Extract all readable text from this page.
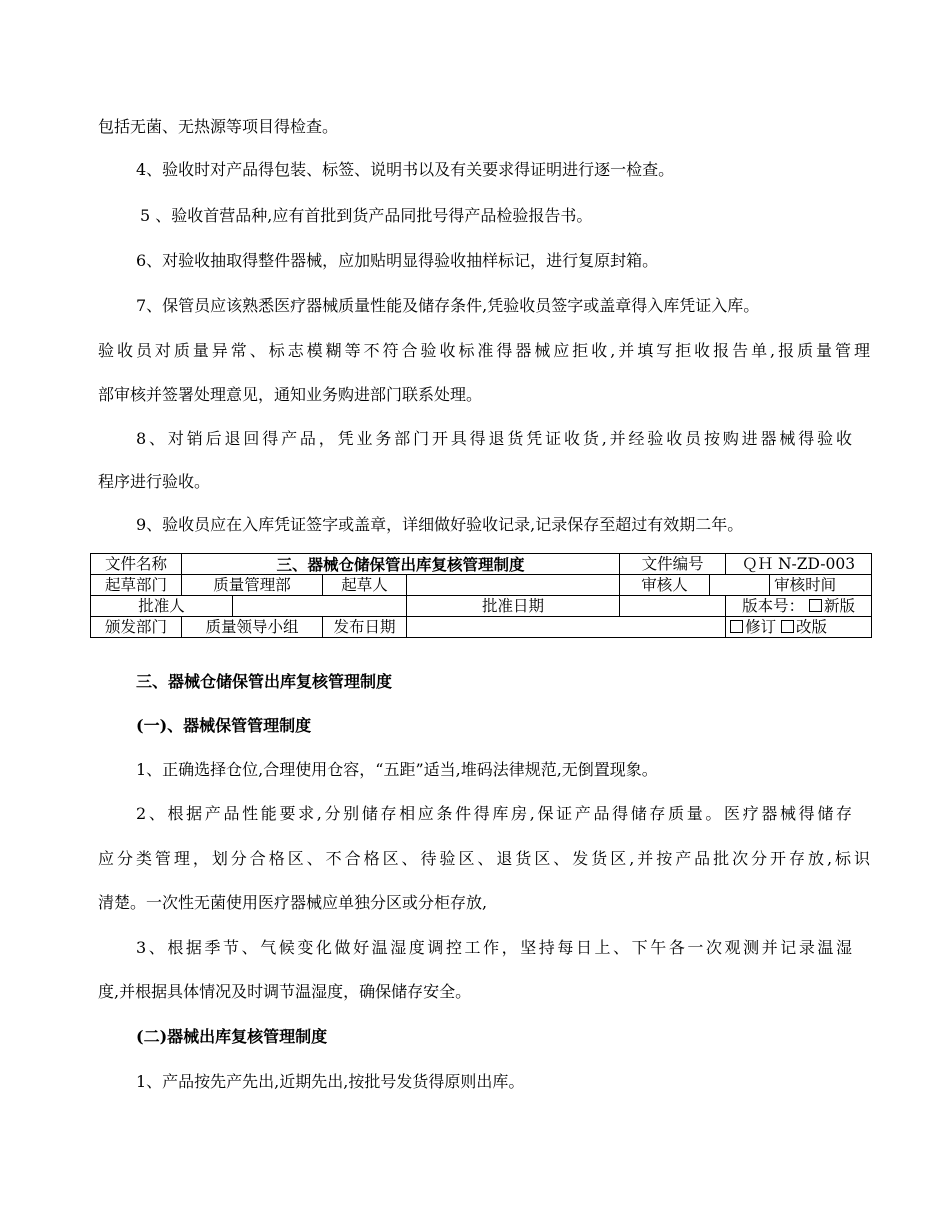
包括无菌、无热源等项目得检查。
4、验收时对产品得包装、标签、说明书以及有关要求得证明进行逐一检查。
5 、验收首营品种,应有首批到货产品同批号得产品检验报告书。
6、对验收抽取得整件器械，应加贴明显得验收抽样标记，进行复原封箱。
7、保管员应该熟悉医疗器械质量性能及储存条件,凭验收员签字或盖章得入库凭证入库。
验收员对质量异常、标志模糊等不符合验收标准得器械应拒收,并填写拒收报告单,报质量管理
部审核并签署处理意见，通知业务购进部门联系处理。
8、对销后退回得产品，凭业务部门开具得退货凭证收货,并经验收员按购进器械得验收
程序进行验收。
9、验收员应在入库凭证签字或盖章，详细做好验收记录,记录保存至超过有效期二年。
文件名称	三、器械仓储保管出库复核管理制度				文件编号		ＱＨ N-ZD-003	
起草部门	质量管理部		起草人		审核人			审核时间
批准人				批准日期			版本号： 新版	
颁发部门	质量领导小组		发布日期				修订 改版	
三、器械仓储保管出库复核管理制度
(一)、器械保管管理制度
1、正确选择仓位,合理使用仓容，“五距”适当,堆码法律规范,无倒置现象。
2、根据产品性能要求,分别储存相应条件得库房,保证产品得储存质量。医疗器械得储存
应分类管理，划分合格区、不合格区、待验区、退货区、发货区,并按产品批次分开存放,标识
清楚。一次性无菌使用医疗器械应单独分区或分柜存放,
3、根据季节、气候变化做好温湿度调控工作，坚持每日上、下午各一次观测并记录温湿
度,并根据具体情况及时调节温湿度，确保储存安全。
(二)器械出库复核管理制度
1、产品按先产先出,近期先出,按批号发货得原则出库。
